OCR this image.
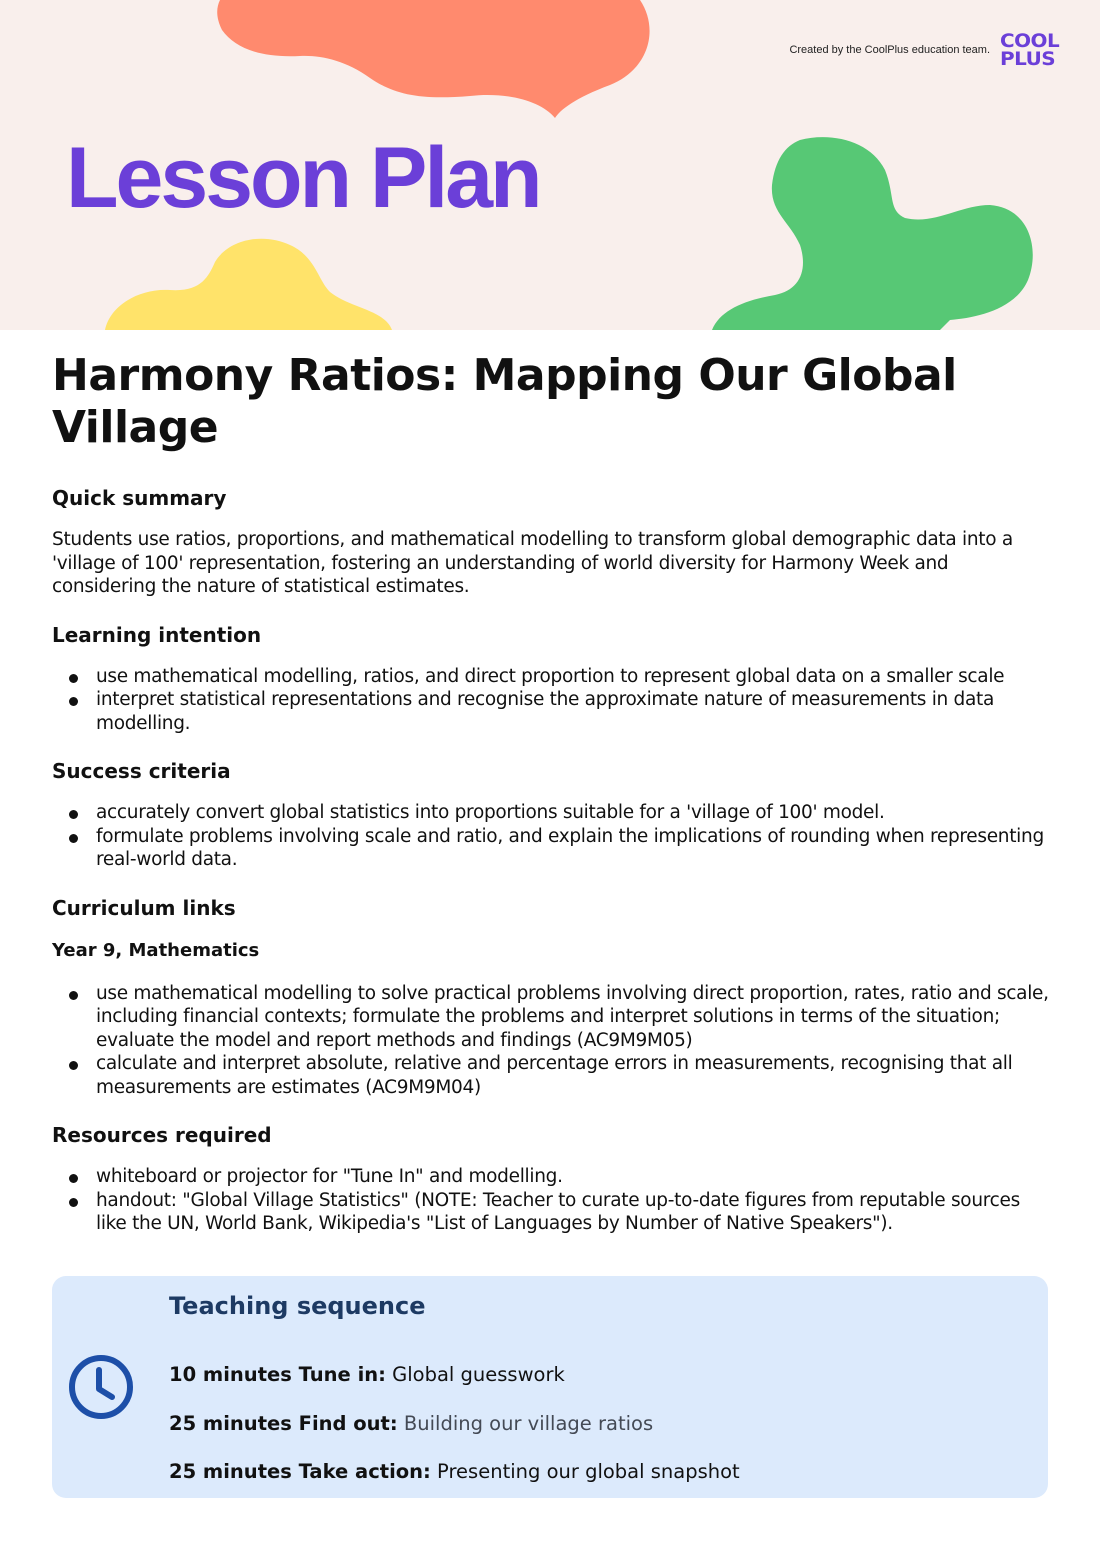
Created by the CoolPlus education team. COOL
PLUS
Lesson Plan
Harmony Ratios: Mapping Our Global Village
Quick summary

Students use ratios, proportions, and mathematical modelling to transform global demographic data into a 'village of 100' representation, fostering an understanding of world diversity for Harmony Week and considering the nature of statistical estimates.

Learning intention
use mathematical modelling, ratios, and direct proportion to represent global data on a smaller scale
interpret statistical representations and recognise the approximate nature of measurements in data modelling.
Success criteria
accurately convert global statistics into proportions suitable for a 'village of 100' model.
formulate problems involving scale and ratio, and explain the implications of rounding when representing real-world data.
Curriculum links
Year 9, Mathematics
use mathematical modelling to solve practical problems involving direct proportion, rates, ratio and scale, including financial contexts; formulate the problems and interpret solutions in terms of the situation; evaluate the model and report methods and findings (AC9M9M05)
calculate and interpret absolute, relative and percentage errors in measurements, recognising that all measurements are estimates (AC9M9M04)
Resources required
whiteboard or projector for "Tune In" and modelling.
handout: "Global Village Statistics" (NOTE: Teacher to curate up-to-date figures from reputable sources like the UN, World Bank, Wikipedia's "List of Languages by Number of Native Speakers").
Teaching sequence
10 minutes Tune in: Global guesswork
25 minutes Find out: Building our village ratios
25 minutes Take action: Presenting our global snapshot
